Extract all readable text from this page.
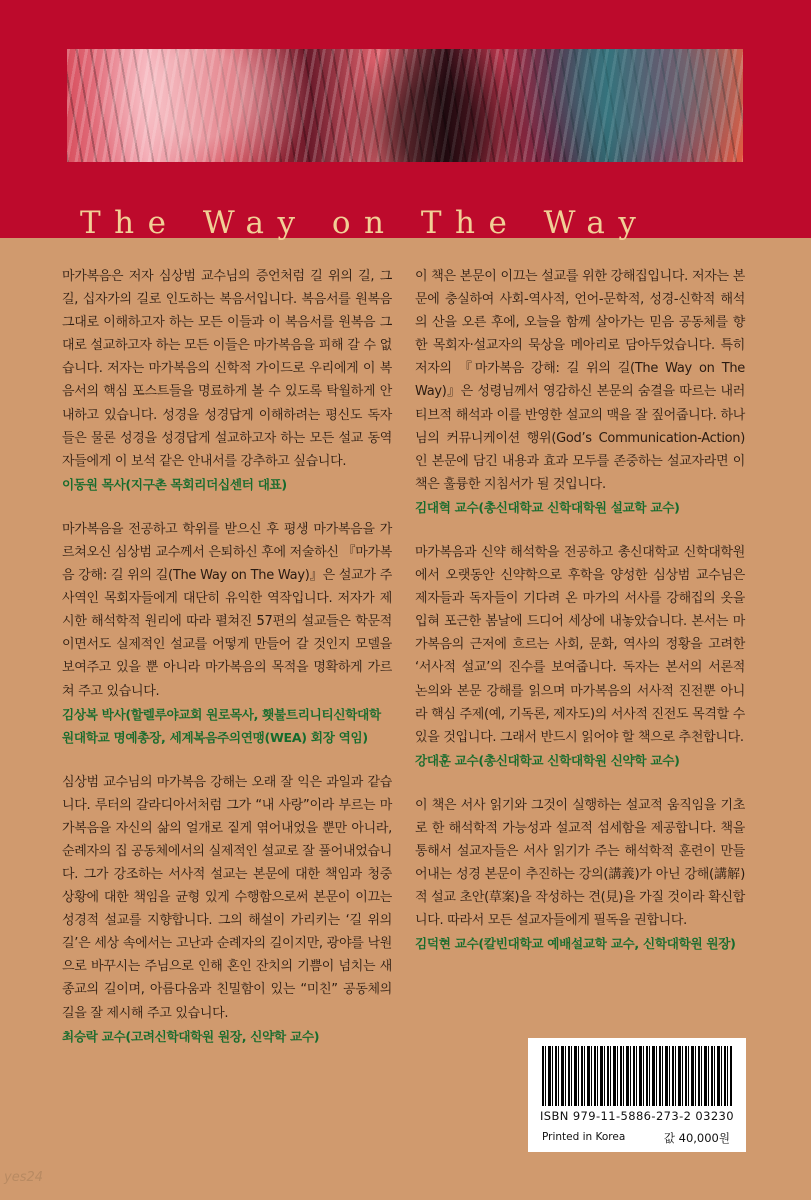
The Way on The Way
마가복음은 저자 심상범 교수님의 증언처럼 길 위의 길, 그 길, 십자가의 길로 인도하는 복음서입니다. 복음서를 원복음 그대로 이해하고자 하는 모든 이들과 이 복음서를 원복음 그대로 설교하고자 하는 모든 이들은 마가복음을 피해 갈 수 없습니다. 저자는 마가복음의 신학적 가이드로 우리에게 이 복음서의 핵심 포스트들을 명료하게 볼 수 있도록 탁월하게 안내하고 있습니다. 성경을 성경답게 이해하려는 평신도 독자들은 물론 성경을 성경답게 설교하고자 하는 모든 설교 동역자들에게 이 보석 같은 안내서를 강추하고 싶습니다.
이동원 목사(지구촌 목회리더십센터 대표)
마가복음을 전공하고 학위를 받으신 후 평생 마가복음을 가르쳐오신 심상범 교수께서 은퇴하신 후에 저술하신 『마가복음 강해: 길 위의 길(The Way on The Way)』은 설교가 주 사역인 목회자들에게 대단히 유익한 역작입니다. 저자가 제시한 해석학적 원리에 따라 펼쳐진 57편의 설교들은 학문적이면서도 실제적인 설교를 어떻게 만들어 갈 것인지 모델을 보여주고 있을 뿐 아니라 마가복음의 목적을 명확하게 가르쳐 주고 있습니다.
김상복 박사(할렐루야교회 원로목사, 횃불트리니티신학대학원대학교 명예총장, 세계복음주의연맹(WEA) 회장 역임)
심상범 교수님의 마가복음 강해는 오래 잘 익은 과일과 같습니다. 루터의 갈라디아서처럼 그가 “내 사랑”이라 부르는 마가복음을 자신의 삶의 얼개로 짙게 엮어내었을 뿐만 아니라, 순례자의 집 공동체에서의 실제적인 설교로 잘 풀어내었습니다. 그가 강조하는 서사적 설교는 본문에 대한 책임과 청중 상황에 대한 책임을 균형 있게 수행함으로써 본문이 이끄는 성경적 설교를 지향합니다. 그의 해설이 가리키는 ‘길 위의 길’은 세상 속에서는 고난과 순례자의 길이지만, 광야를 낙원으로 바꾸시는 주님으로 인해 혼인 잔치의 기쁨이 넘치는 새 종교의 길이며, 아름다움과 친밀함이 있는 “미친” 공동체의 길을 잘 제시해 주고 있습니다.
최승락 교수(고려신학대학원 원장, 신약학 교수)
이 책은 본문이 이끄는 설교를 위한 강해집입니다. 저자는 본문에 충실하여 사회-역사적, 언어-문학적, 성경-신학적 해석의 산을 오른 후에, 오늘을 함께 살아가는 믿음 공동체를 향한 목회자·설교자의 묵상을 메아리로 담아두었습니다. 특히 저자의 『마가복음 강해: 길 위의 길(The Way on The Way)』은 성령님께서 영감하신 본문의 숨결을 따르는 내러티브적 해석과 이를 반영한 설교의 맥을 잘 짚어줍니다. 하나님의 커뮤니케이션 행위(God’s Communication-Action)인 본문에 담긴 내용과 효과 모두를 존중하는 설교자라면 이 책은 훌륭한 지침서가 될 것입니다.
김대혁 교수(총신대학교 신학대학원 설교학 교수)
마가복음과 신약 해석학을 전공하고 총신대학교 신학대학원에서 오랫동안 신약학으로 후학을 양성한 심상범 교수님은 제자들과 독자들이 기다려 온 마가의 서사를 강해집의 옷을 입혀 포근한 봄날에 드디어 세상에 내놓았습니다. 본서는 마가복음의 근저에 흐르는 사회, 문화, 역사의 정황을 고려한 ‘서사적 설교’의 진수를 보여줍니다. 독자는 본서의 서론적 논의와 본문 강해를 읽으며 마가복음의 서사적 진전뿐 아니라 핵심 주제(예, 기독론, 제자도)의 서사적 진전도 목격할 수 있을 것입니다. 그래서 반드시 읽어야 할 책으로 추천합니다.
강대훈 교수(총신대학교 신학대학원 신약학 교수)
이 책은 서사 읽기와 그것이 실행하는 설교적 움직임을 기초로 한 해석학적 가능성과 설교적 섬세함을 제공합니다. 책을 통해서 설교자들은 서사 읽기가 주는 해석학적 훈련이 만들어내는 성경 본문이 추진하는 강의(講義)가 아닌 강해(講解)적 설교 초안(草案)을 작성하는 견(見)을 가질 것이라 확신합니다. 따라서 모든 설교자들에게 필독을 권합니다.
김덕현 교수(칼빈대학교 예배설교학 교수, 신학대학원 원장)
ISBN 979-11-5886-273-2 03230
Printed in Korea	값 40,000원
yes24
